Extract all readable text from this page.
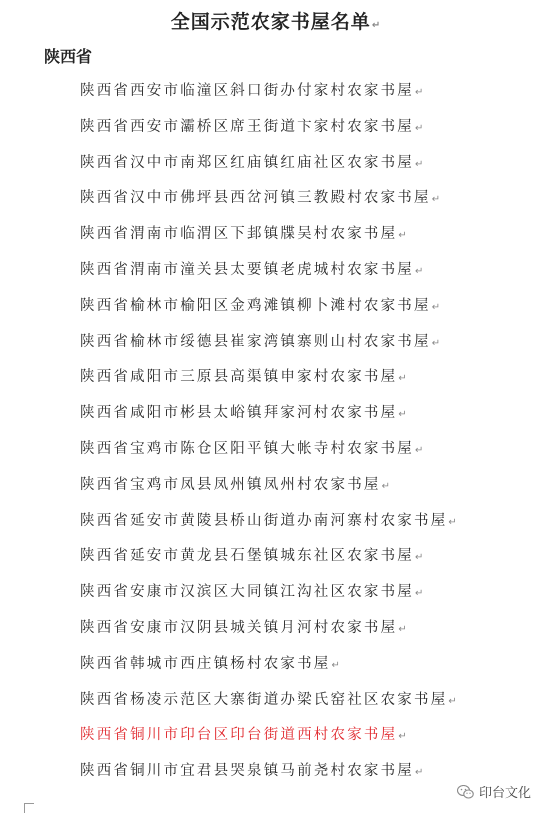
全国示范农家书屋名单↵
陕西省
陕西省西安市临潼区斜口街办付家村农家书屋↵
陕西省西安市灞桥区席王街道卞家村农家书屋↵
陕西省汉中市南郑区红庙镇红庙社区农家书屋↵
陕西省汉中市佛坪县西岔河镇三教殿村农家书屋↵
陕西省渭南市临渭区下邽镇牒吴村农家书屋↵
陕西省渭南市潼关县太要镇老虎城村农家书屋↵
陕西省榆林市榆阳区金鸡滩镇柳卜滩村农家书屋↵
陕西省榆林市绥德县崔家湾镇寨则山村农家书屋↵
陕西省咸阳市三原县高渠镇申家村农家书屋↵
陕西省咸阳市彬县太峪镇拜家河村农家书屋↵
陕西省宝鸡市陈仓区阳平镇大帐寺村农家书屋↵
陕西省宝鸡市凤县凤州镇凤州村农家书屋↵
陕西省延安市黄陵县桥山街道办南河寨村农家书屋↵
陕西省延安市黄龙县石堡镇城东社区农家书屋↵
陕西省安康市汉滨区大同镇江沟社区农家书屋↵
陕西省安康市汉阴县城关镇月河村农家书屋↵
陕西省韩城市西庄镇杨村农家书屋↵
陕西省杨凌示范区大寨街道办梁氏窑社区农家书屋↵
陕西省铜川市印台区印台街道西村农家书屋↵
陕西省铜川市宜君县哭泉镇马前尧村农家书屋↵
印台文化
